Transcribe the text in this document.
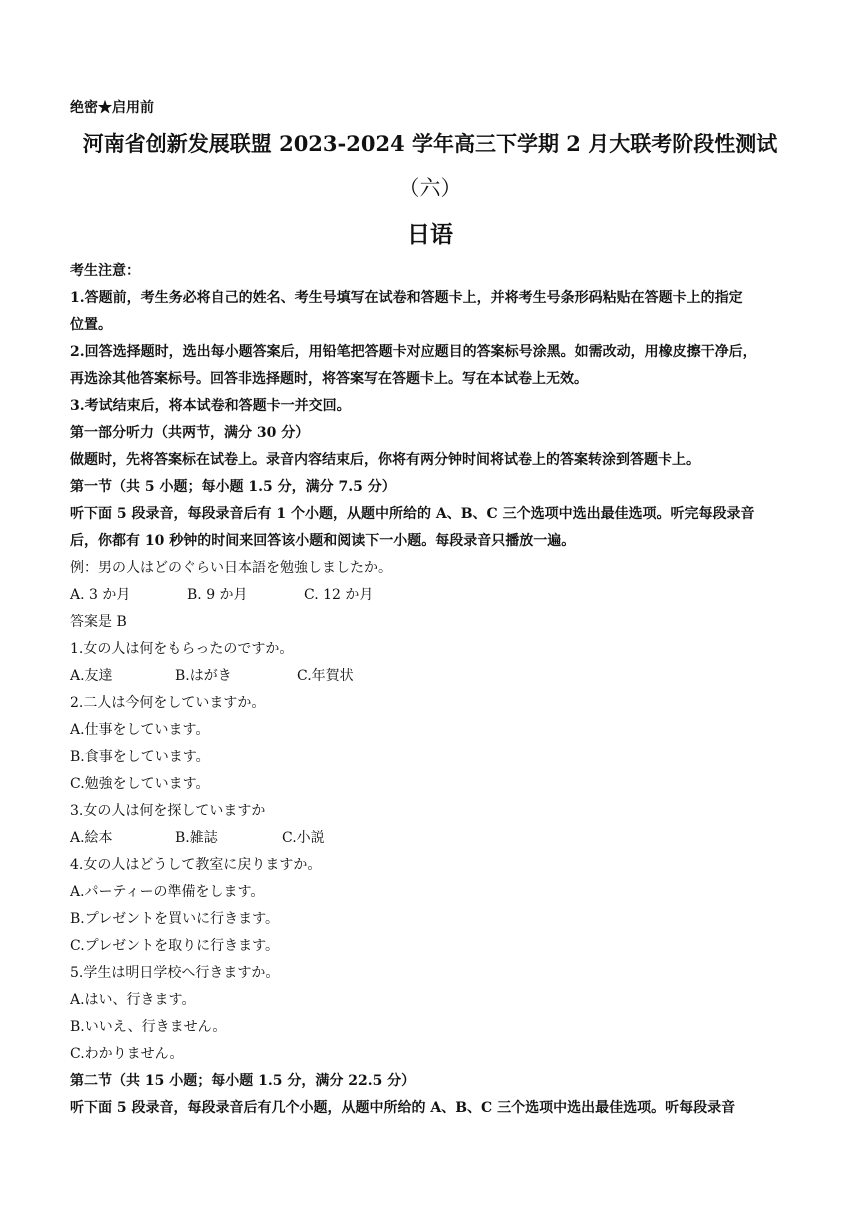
绝密★启用前
河南省创新发展联盟 2023-2024 学年高三下学期 2 月大联考阶段性测试
（六）
日语
考生注意：
1.答题前，考生务必将自己的姓名、考生号填写在试卷和答题卡上，并将考生号条形码粘贴在答题卡上的指定
位置。
2.回答选择题时，选出每小题答案后，用铅笔把答题卡对应题目的答案标号涂黑。如需改动，用橡皮擦干净后，
再选涂其他答案标号。回答非选择题时，将答案写在答题卡上。写在本试卷上无效。
3.考试结束后，将本试卷和答题卡一并交回。
第一部分听力（共两节，满分 30 分）
做题时，先将答案标在试卷上。录音内容结束后，你将有两分钟时间将试卷上的答案转涂到答题卡上。
第一节（共 5 小题；每小题 1.5 分，满分 7.5 分）
听下面 5 段录音，每段录音后有 1 个小题，从题中所给的 A、B、C 三个选项中选出最佳选项。听完每段录音
后，你都有 10 秒钟的时间来回答该小题和阅读下一小题。每段录音只播放一遍。
例：男の人はどのぐらい日本語を勉強しましたか。
A. 3 か月	B. 9 か月	C. 12 か月
答案是 B
1.女の人は何をもらったのですか。
A.友達	B.はがき	C.年賀状
2.二人は今何をしていますか。
A.仕事をしています。
B.食事をしています。
C.勉強をしています。
3.女の人は何を探していますか
A.絵本	B.雑誌	C.小説
4.女の人はどうして教室に戻りますか。
A.パーティーの準備をします。
B.プレゼントを買いに行きます。
C.プレゼントを取りに行きます。
5.学生は明日学校へ行きますか。
A.はい、行きます。
B.いいえ、行きません。
C.わかりません。
第二节（共 15 小题；每小题 1.5 分，满分 22.5 分）
听下面 5 段录音，每段录音后有几个小题，从题中所给的 A、B、C 三个选项中选出最佳选项。听每段录音
